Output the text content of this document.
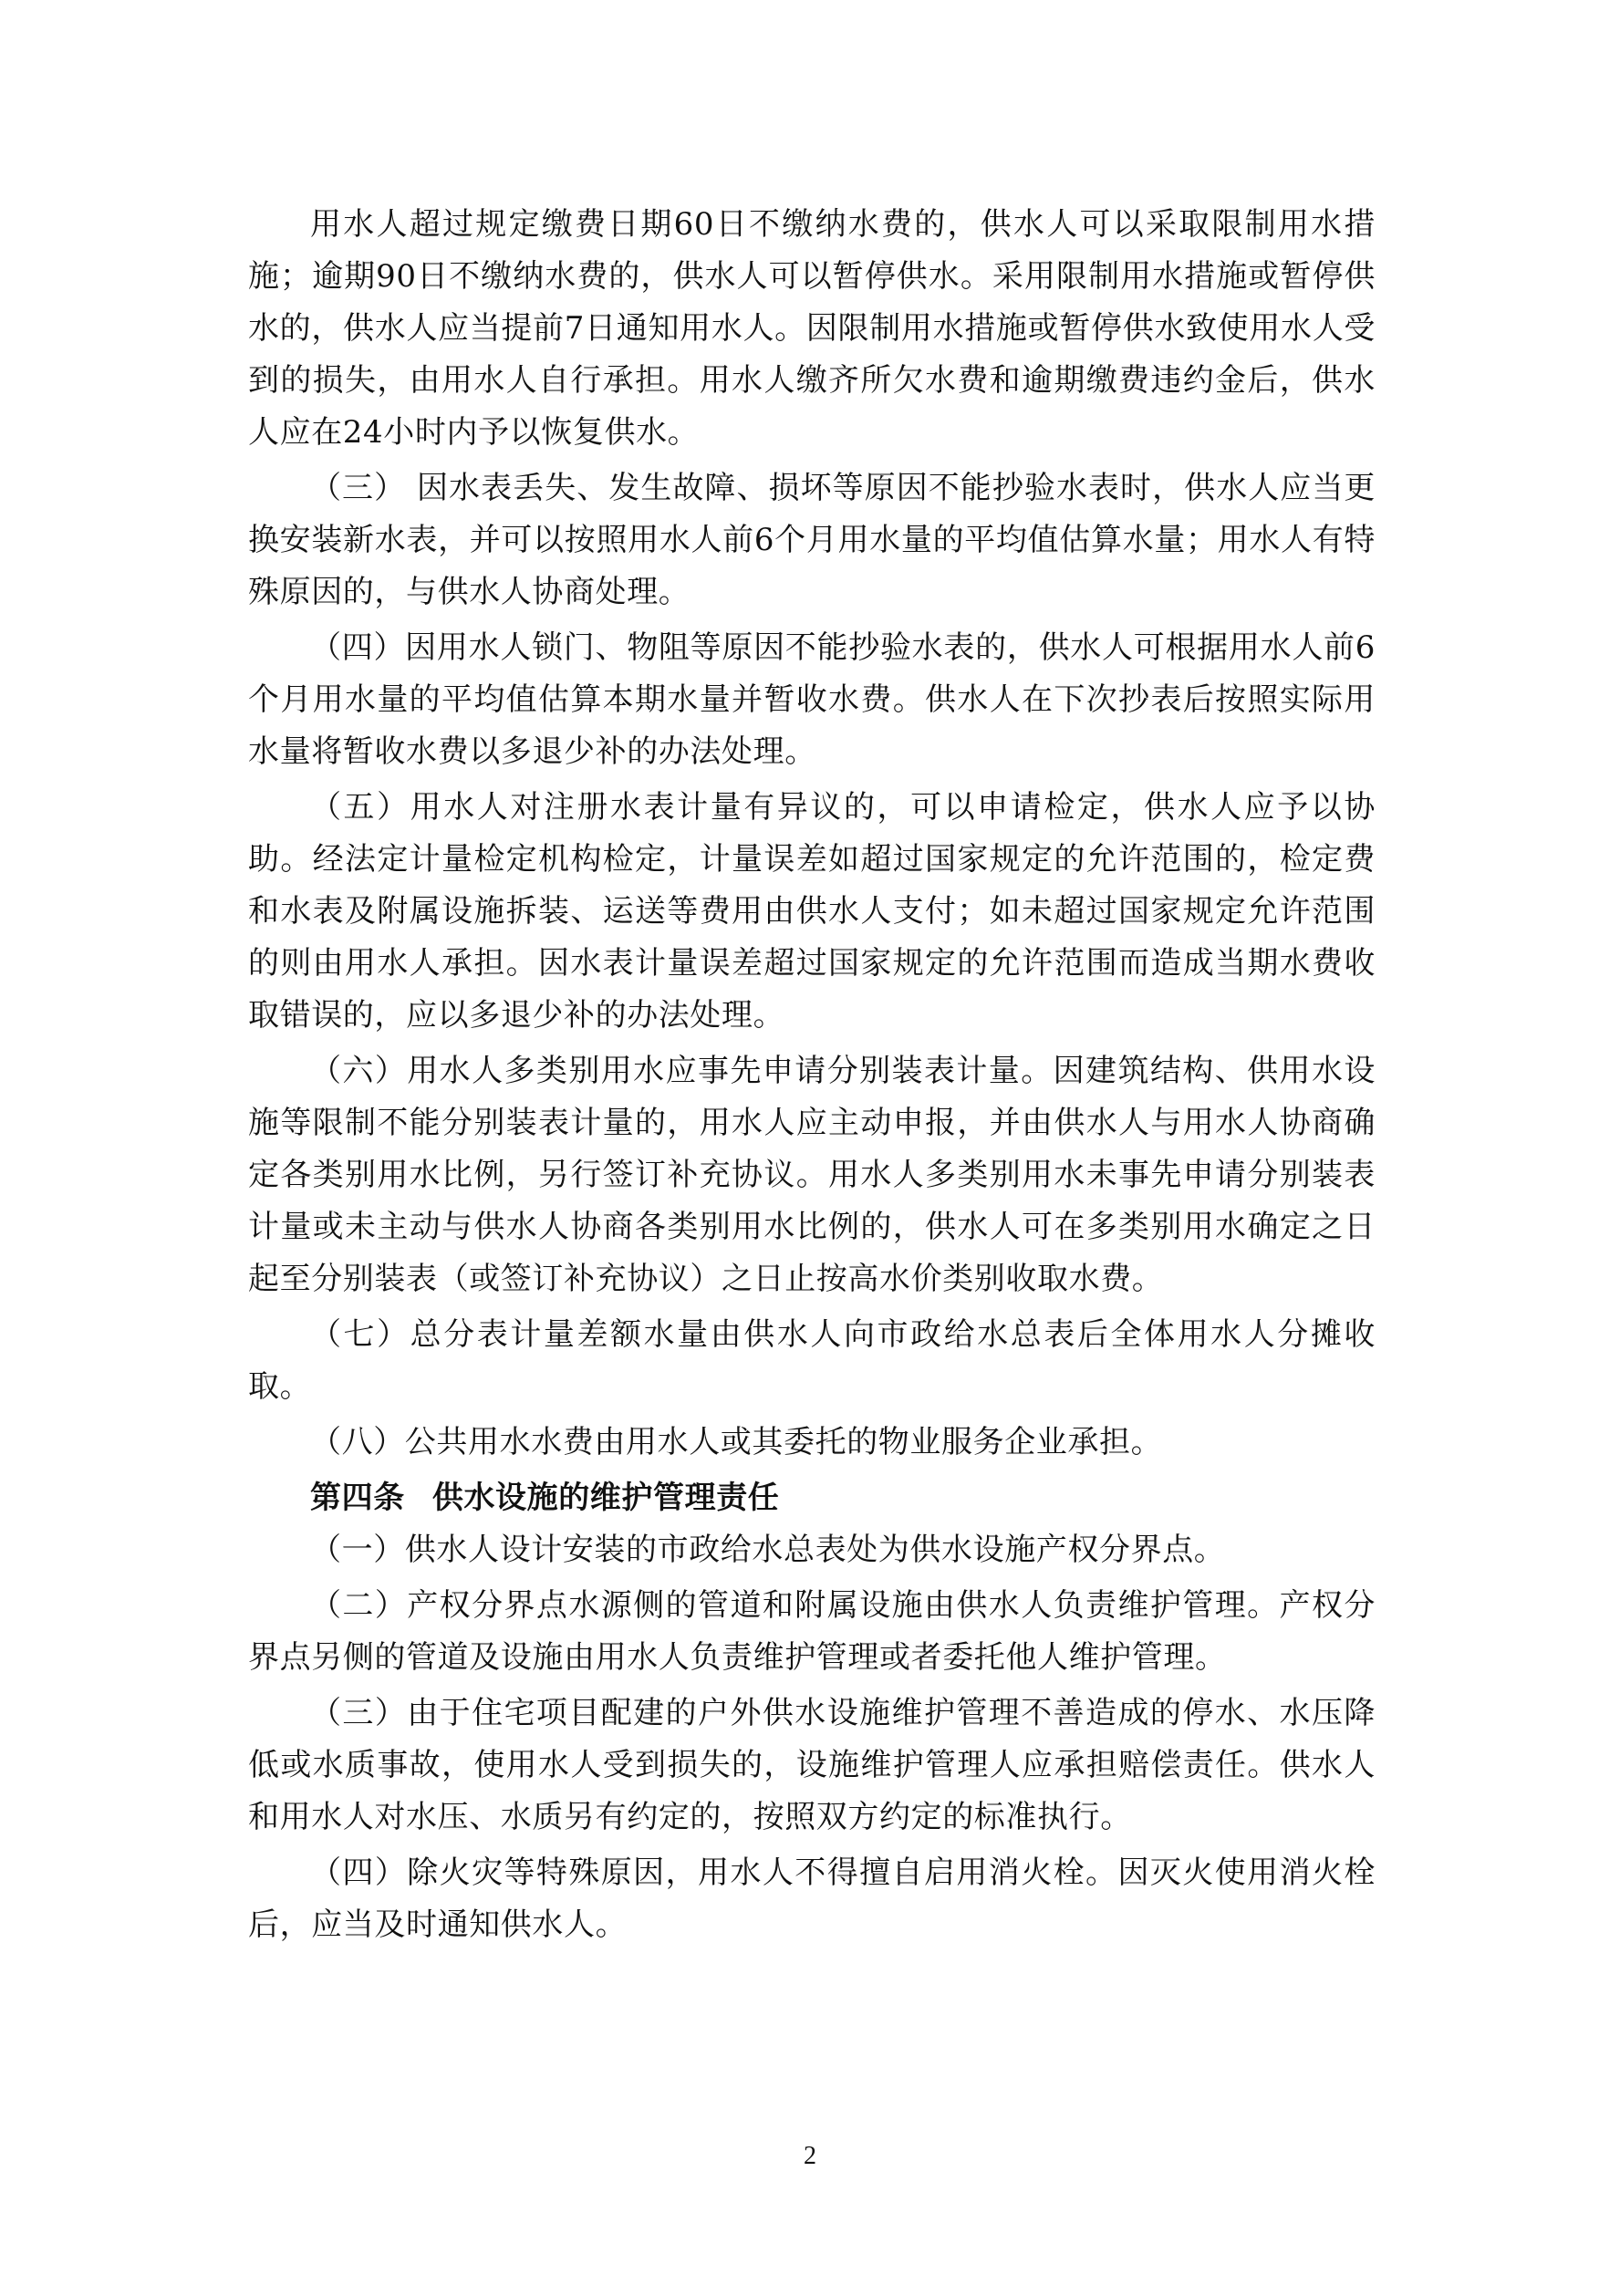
用水人超过规定缴费日期60日不缴纳水费的，供水人可以采取限制用水措施；逾期90日不缴纳水费的，供水人可以暂停供水。采用限制用水措施或暂停供水的，供水人应当提前7日通知用水人。因限制用水措施或暂停供水致使用水人受到的损失，由用水人自行承担。用水人缴齐所欠水费和逾期缴费违约金后，供水人应在24小时内予以恢复供水。

（三） 因水表丢失、发生故障、损坏等原因不能抄验水表时，供水人应当更换安装新水表，并可以按照用水人前6个月用水量的平均值估算水量；用水人有特殊原因的，与供水人协商处理。

（四）因用水人锁门、物阻等原因不能抄验水表的，供水人可根据用水人前6个月用水量的平均值估算本期水量并暂收水费。供水人在下次抄表后按照实际用水量将暂收水费以多退少补的办法处理。

（五）用水人对注册水表计量有异议的，可以申请检定，供水人应予以协助。经法定计量检定机构检定，计量误差如超过国家规定的允许范围的，检定费和水表及附属设施拆装、运送等费用由供水人支付；如未超过国家规定允许范围的则由用水人承担。因水表计量误差超过国家规定的允许范围而造成当期水费收取错误的，应以多退少补的办法处理。

（六）用水人多类别用水应事先申请分别装表计量。因建筑结构、供用水设施等限制不能分别装表计量的，用水人应主动申报，并由供水人与用水人协商确定各类别用水比例，另行签订补充协议。用水人多类别用水未事先申请分别装表计量或未主动与供水人协商各类别用水比例的，供水人可在多类别用水确定之日起至分别装表（或签订补充协议）之日止按高水价类别收取水费。

（七）总分表计量差额水量由供水人向市政给水总表后全体用水人分摊收取。

（八）公共用水水费由用水人或其委托的物业服务企业承担。

第四条 供水设施的维护管理责任

（一）供水人设计安装的市政给水总表处为供水设施产权分界点。

（二）产权分界点水源侧的管道和附属设施由供水人负责维护管理。产权分界点另侧的管道及设施由用水人负责维护管理或者委托他人维护管理。

（三）由于住宅项目配建的户外供水设施维护管理不善造成的停水、水压降低或水质事故，使用水人受到损失的，设施维护管理人应承担赔偿责任。供水人和用水人对水压、水质另有约定的，按照双方约定的标准执行。

（四）除火灾等特殊原因，用水人不得擅自启用消火栓。因灭火使用消火栓后，应当及时通知供水人。

2
